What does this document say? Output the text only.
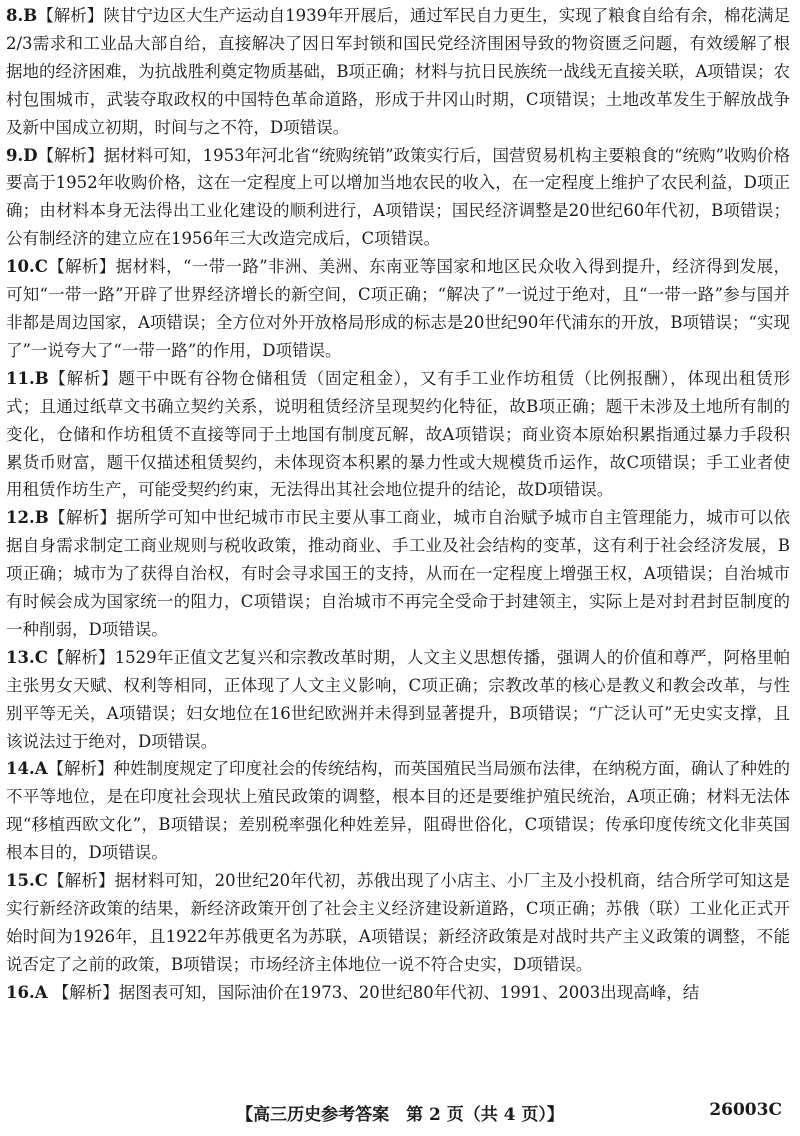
8.B【解析】陕甘宁边区大生产运动自1939年开展后，通过军民自力更生，实现了粮食自给有余，棉花满足2/3需求和工业品大部自给，直接解决了因日军封锁和国民党经济围困导致的物资匮乏问题，有效缓解了根据地的经济困难，为抗战胜利奠定物质基础，B项正确；材料与抗日民族统一战线无直接关联，A项错误；农村包围城市，武装夺取政权的中国特色革命道路，形成于井冈山时期，C项错误；土地改革发生于解放战争及新中国成立初期，时间与之不符，D项错误。

9.D【解析】据材料可知，1953年河北省“统购统销”政策实行后，国营贸易机构主要粮食的“统购”收购价格要高于1952年收购价格，这在一定程度上可以增加当地农民的收入，在一定程度上维护了农民利益，D项正确；由材料本身无法得出工业化建设的顺利进行，A项错误；国民经济调整是20世纪60年代初，B项错误；公有制经济的建立应在1956年三大改造完成后，C项错误。

10.C【解析】据材料，“一带一路”非洲、美洲、东南亚等国家和地区民众收入得到提升，经济得到发展，可知“一带一路”开辟了世界经济增长的新空间，C项正确；“解决了”一说过于绝对，且“一带一路”参与国并非都是周边国家，A项错误；全方位对外开放格局形成的标志是20世纪90年代浦东的开放，B项错误；“实现了”一说夸大了“一带一路”的作用，D项错误。

11.B【解析】题干中既有谷物仓储租赁（固定租金），又有手工业作坊租赁（比例报酬），体现出租赁形式；且通过纸草文书确立契约关系，说明租赁经济呈现契约化特征，故B项正确；题干未涉及土地所有制的变化，仓储和作坊租赁不直接等同于土地国有制度瓦解，故A项错误；商业资本原始积累指通过暴力手段积累货币财富，题干仅描述租赁契约，未体现资本积累的暴力性或大规模货币运作，故C项错误；手工业者使用租赁作坊生产，可能受契约约束，无法得出其社会地位提升的结论，故D项错误。

12.B【解析】据所学可知中世纪城市市民主要从事工商业，城市自治赋予城市自主管理能力，城市可以依据自身需求制定工商业规则与税收政策，推动商业、手工业及社会结构的变革，这有利于社会经济发展，B项正确；城市为了获得自治权，有时会寻求国王的支持，从而在一定程度上增强王权，A项错误；自治城市有时候会成为国家统一的阻力，C项错误；自治城市不再完全受命于封建领主，实际上是对封君封臣制度的一种削弱，D项错误。

13.C【解析】1529年正值文艺复兴和宗教改革时期，人文主义思想传播，强调人的价值和尊严，阿格里帕主张男女天赋、权利等相同，正体现了人文主义影响，C项正确；宗教改革的核心是教义和教会改革，与性别平等无关，A项错误；妇女地位在16世纪欧洲并未得到显著提升，B项错误；“广泛认可”无史实支撑，且该说法过于绝对，D项错误。

14.A【解析】种姓制度规定了印度社会的传统结构，而英国殖民当局颁布法律，在纳税方面，确认了种姓的不平等地位，是在印度社会现状上殖民政策的调整，根本目的还是要维护殖民统治，A项正确；材料无法体现“移植西欧文化”，B项错误；差别税率强化种姓差异，阻碍世俗化，C项错误；传承印度传统文化非英国根本目的，D项错误。

15.C【解析】据材料可知，20世纪20年代初，苏俄出现了小店主、小厂主及小投机商，结合所学可知这是实行新经济政策的结果，新经济政策开创了社会主义经济建设新道路，C项正确；苏俄（联）工业化正式开始时间为1926年，且1922年苏俄更名为苏联，A项错误；新经济政策是对战时共产主义政策的调整，不能说否定了之前的政策，B项错误；市场经济主体地位一说不符合史实，D项错误。

16.A 【解析】据图表可知，国际油价在1973、20世纪80年代初、1991、2003出现高峰，结

【高三历史参考答案　第 2 页（共 4 页）】	26003C
